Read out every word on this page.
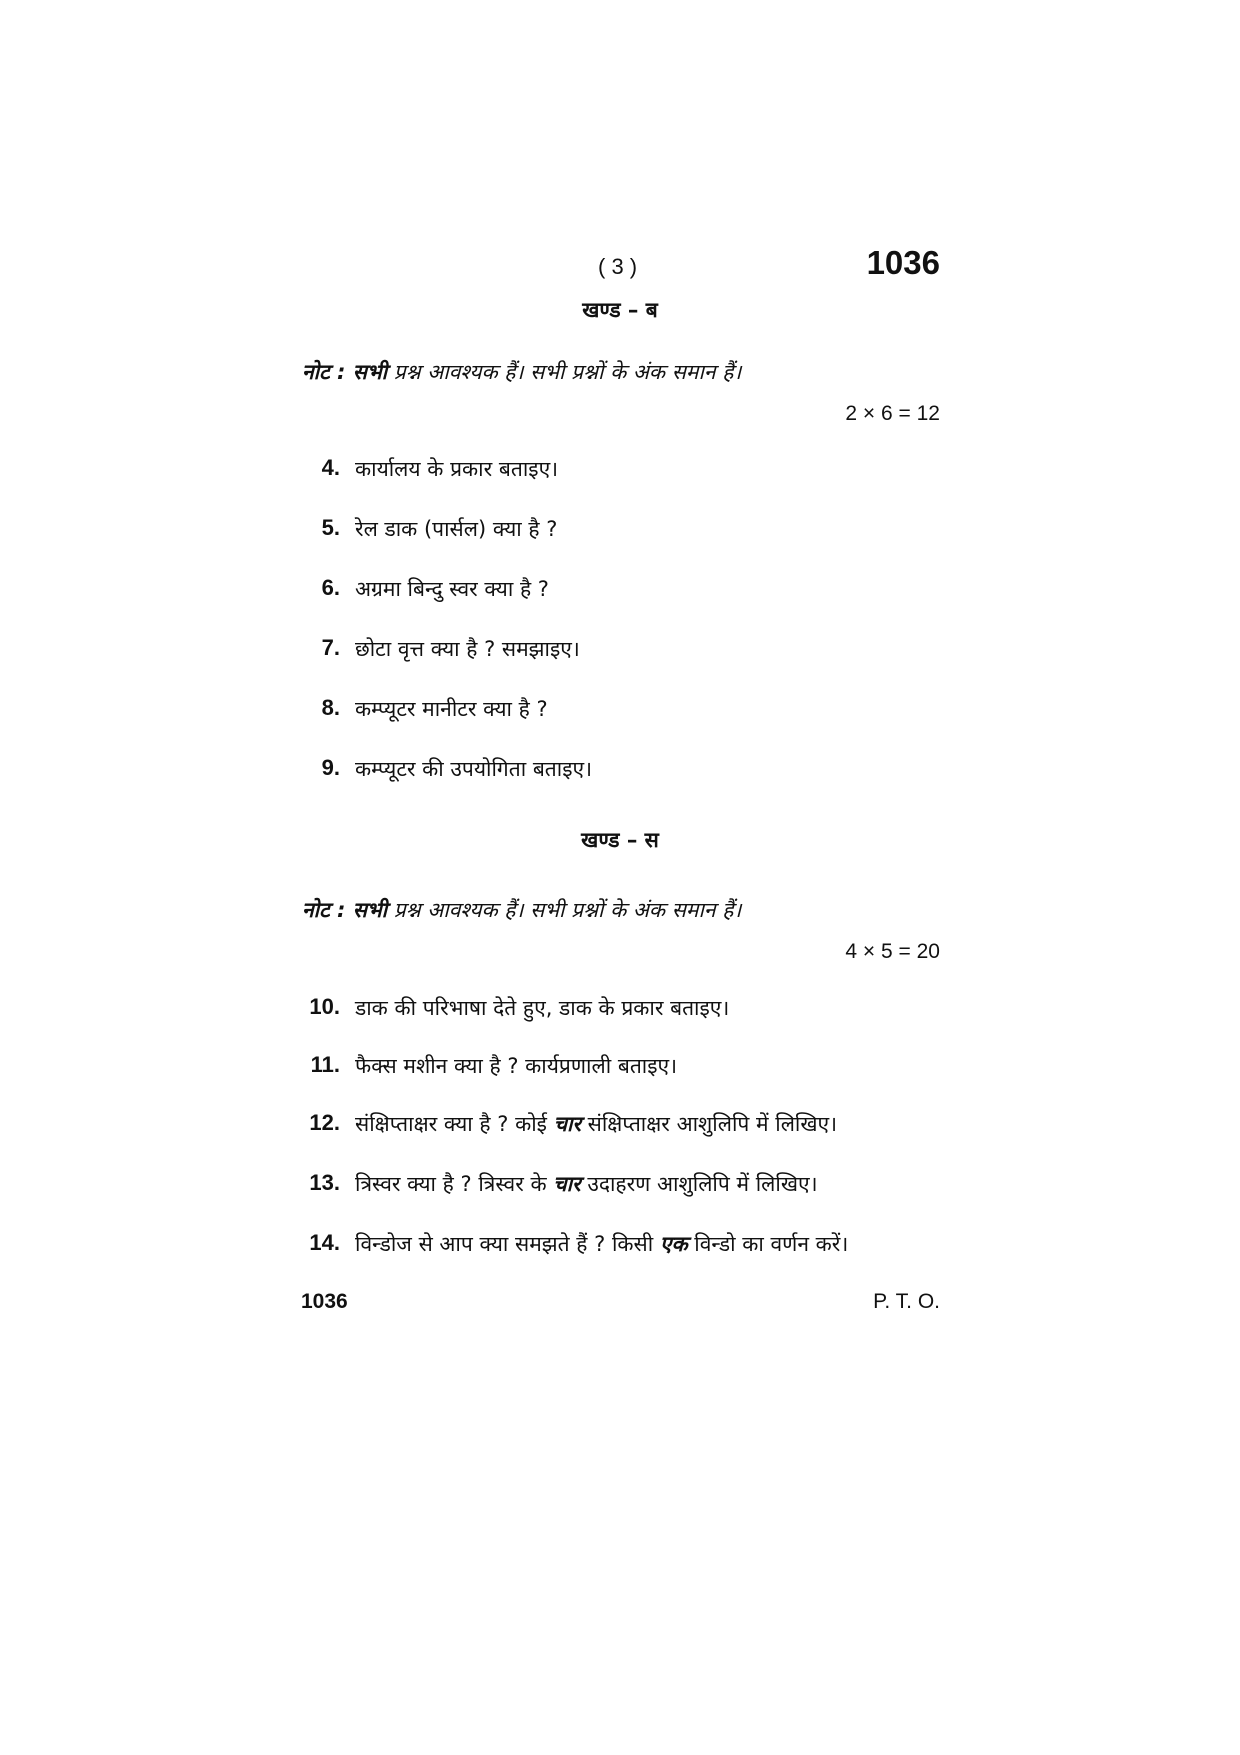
( 3 )	1036
खण्ड – ब
नोट : सभी प्रश्न आवश्यक हैं। सभी प्रश्नों के अंक समान हैं।
2 × 6 = 12
4. कार्यालय के प्रकार बताइए।
5. रेल डाक (पार्सल) क्या है ?
6. अग्रमा बिन्दु स्वर क्या है ?
7. छोटा वृत्त क्या है ? समझाइए।
8. कम्प्यूटर मानीटर क्या है ?
9. कम्प्यूटर की उपयोगिता बताइए।
खण्ड – स
नोट : सभी प्रश्न आवश्यक हैं। सभी प्रश्नों के अंक समान हैं।
4 × 5 = 20
10. डाक की परिभाषा देते हुए, डाक के प्रकार बताइए।
11. फैक्स मशीन क्या है ? कार्यप्रणाली बताइए।
12. संक्षिप्ताक्षर क्या है ? कोई चार संक्षिप्ताक्षर आशुलिपि में लिखिए।
13. त्रिस्वर क्या है ? त्रिस्वर के चार उदाहरण आशुलिपि में लिखिए।
14. विन्डोज से आप क्या समझते हैं ? किसी एक विन्डो का वर्णन करें।
1036	P. T. O.
